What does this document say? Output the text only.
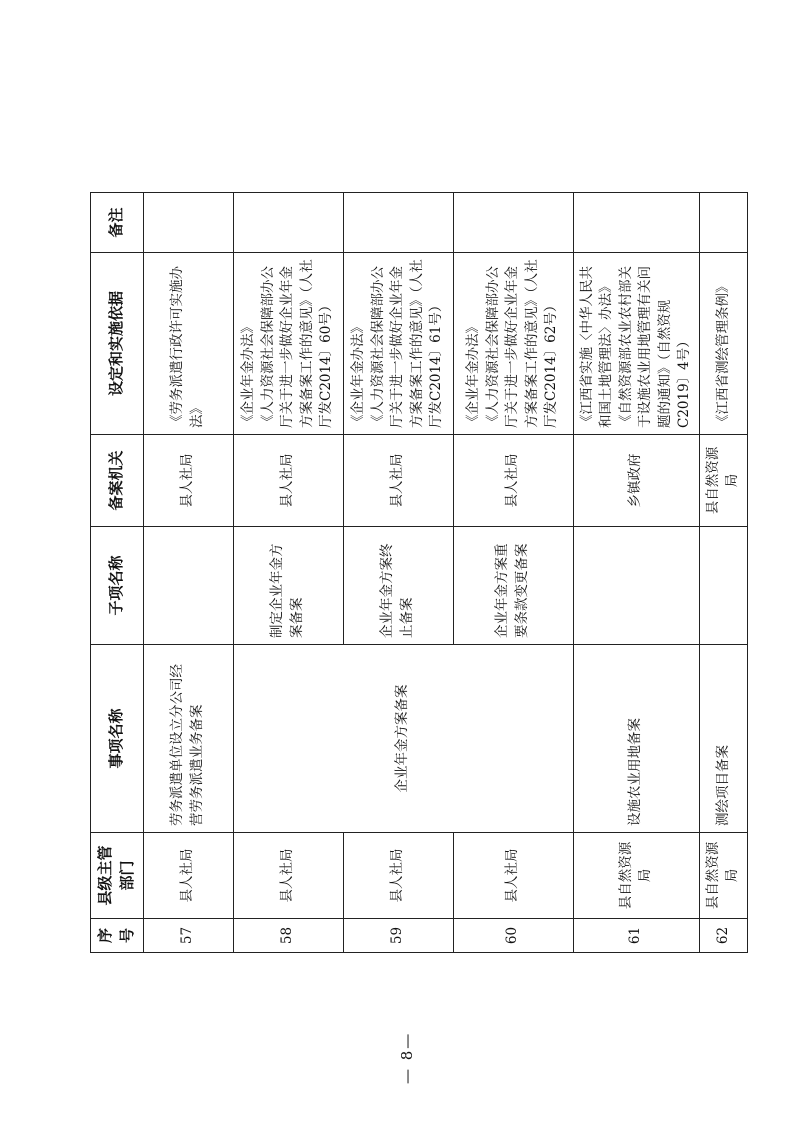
序号	县级主管部门	事项名称	子项名称	备案机关	设定和实施依据	备注
57	县人社局	劳务派遣单位设立分公司经营劳务派遣业务备案		县人社局	《劳务派遣行政许可实施办法》	

58	县人社局	企业年金方案备案	制定企业年金方案备案	县人社局	《企业年金办法》 《人力资源社会保障部办公厅关于进一步做好企业年金方案备案工作的意见》（人社厅发C2014〕60号）	

59	县人社局		企业年金方案终止备案	县人社局	《企业年金办法》 《人力资源社会保障部办公厅关于进一步做好企业年金方案备案工作的意见》（人社厅发C2014〕61号）	

60	县人社局		企业年金方案重要条款变更备案	县人社局	《企业年金办法》 《人力资源社会保障部办公厅关于进一步做好企业年金方案备案工作的意见》（人社厅发C2014〕62号）	

61	县自然资源局	设施农业用地备案		乡镇政府	《江西省实施〈中华人民共和国土地管理法〉办法》 《自然资源部农业农村部关于设施农业用地管理有关问题的通知》（自然资规C2019〕4号）	

62	县自然资源局	测绘项目备案		县自然资源局	《江西省测绘管理条例》	

— 8—
